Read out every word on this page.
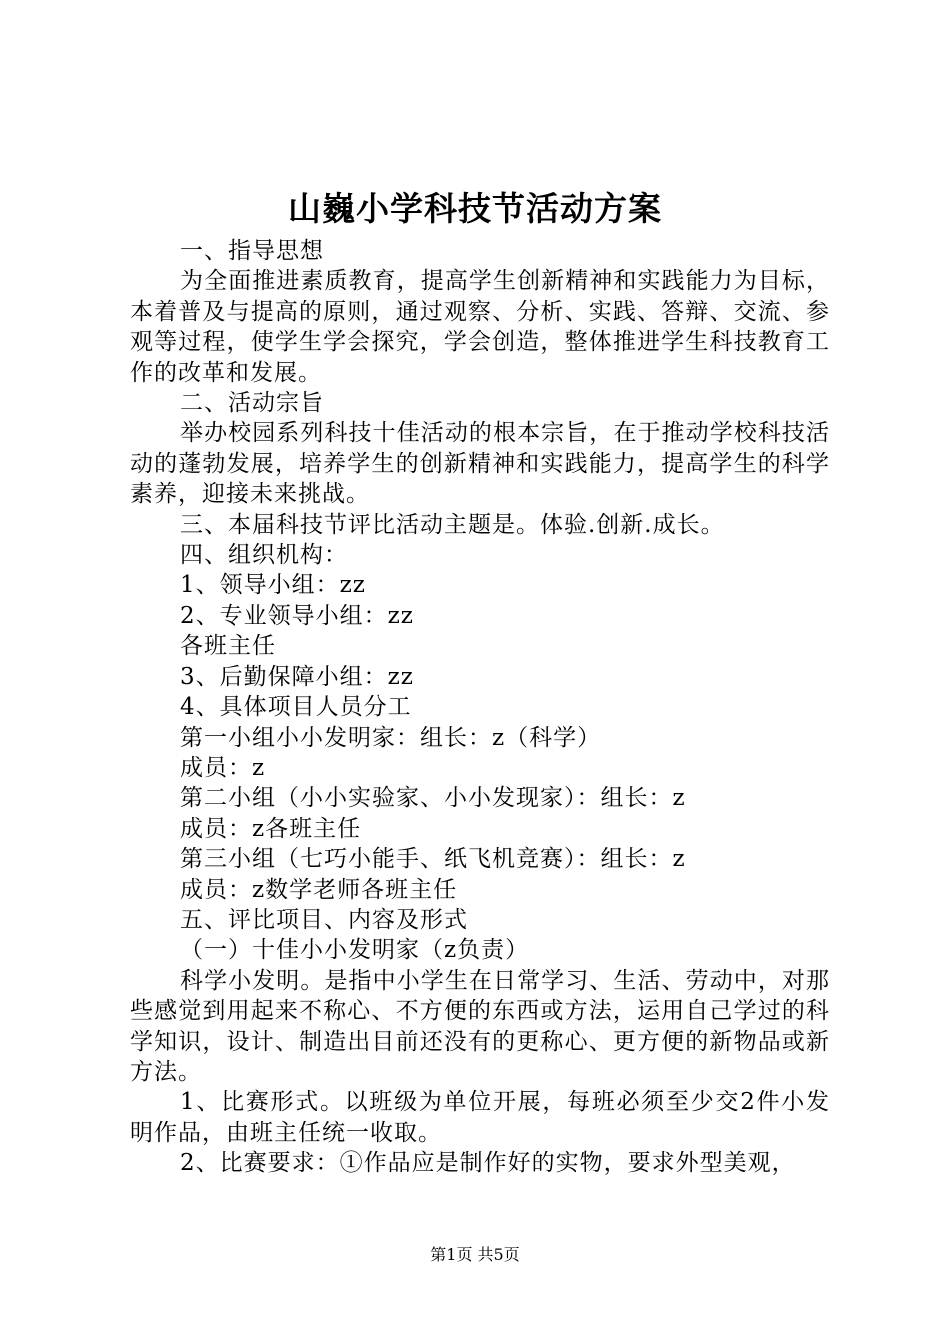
山巍小学科技节活动方案

一、指导思想

为全面推进素质教育，提高学生创新精神和实践能力为目标，本着普及与提高的原则，通过观察、分析、实践、答辩、交流、参观等过程，使学生学会探究，学会创造，整体推进学生科技教育工作的改革和发展。

二、活动宗旨

举办校园系列科技十佳活动的根本宗旨，在于推动学校科技活动的蓬勃发展，培养学生的创新精神和实践能力，提高学生的科学素养，迎接未来挑战。

三、本届科技节评比活动主题是。体验.创新.成长。

四、组织机构：

1、领导小组：zz

2、专业领导小组：zz

各班主任

3、后勤保障小组：zz

4、具体项目人员分工

第一小组小小发明家：组长：z（科学）

成员：z

第二小组（小小实验家、小小发现家）：组长：z

成员：z各班主任

第三小组（七巧小能手、纸飞机竞赛）：组长：z

成员：z数学老师各班主任

五、评比项目、内容及形式

（一）十佳小小发明家（z负责）

科学小发明。是指中小学生在日常学习、生活、劳动中，对那些感觉到用起来不称心、不方便的东西或方法，运用自己学过的科学知识，设计、制造出目前还没有的更称心、更方便的新物品或新方法。

1、比赛形式。以班级为单位开展，每班必须至少交2件小发明作品，由班主任统一收取。

2、比赛要求：①作品应是制作好的实物，要求外型美观，

第1页 共5页
